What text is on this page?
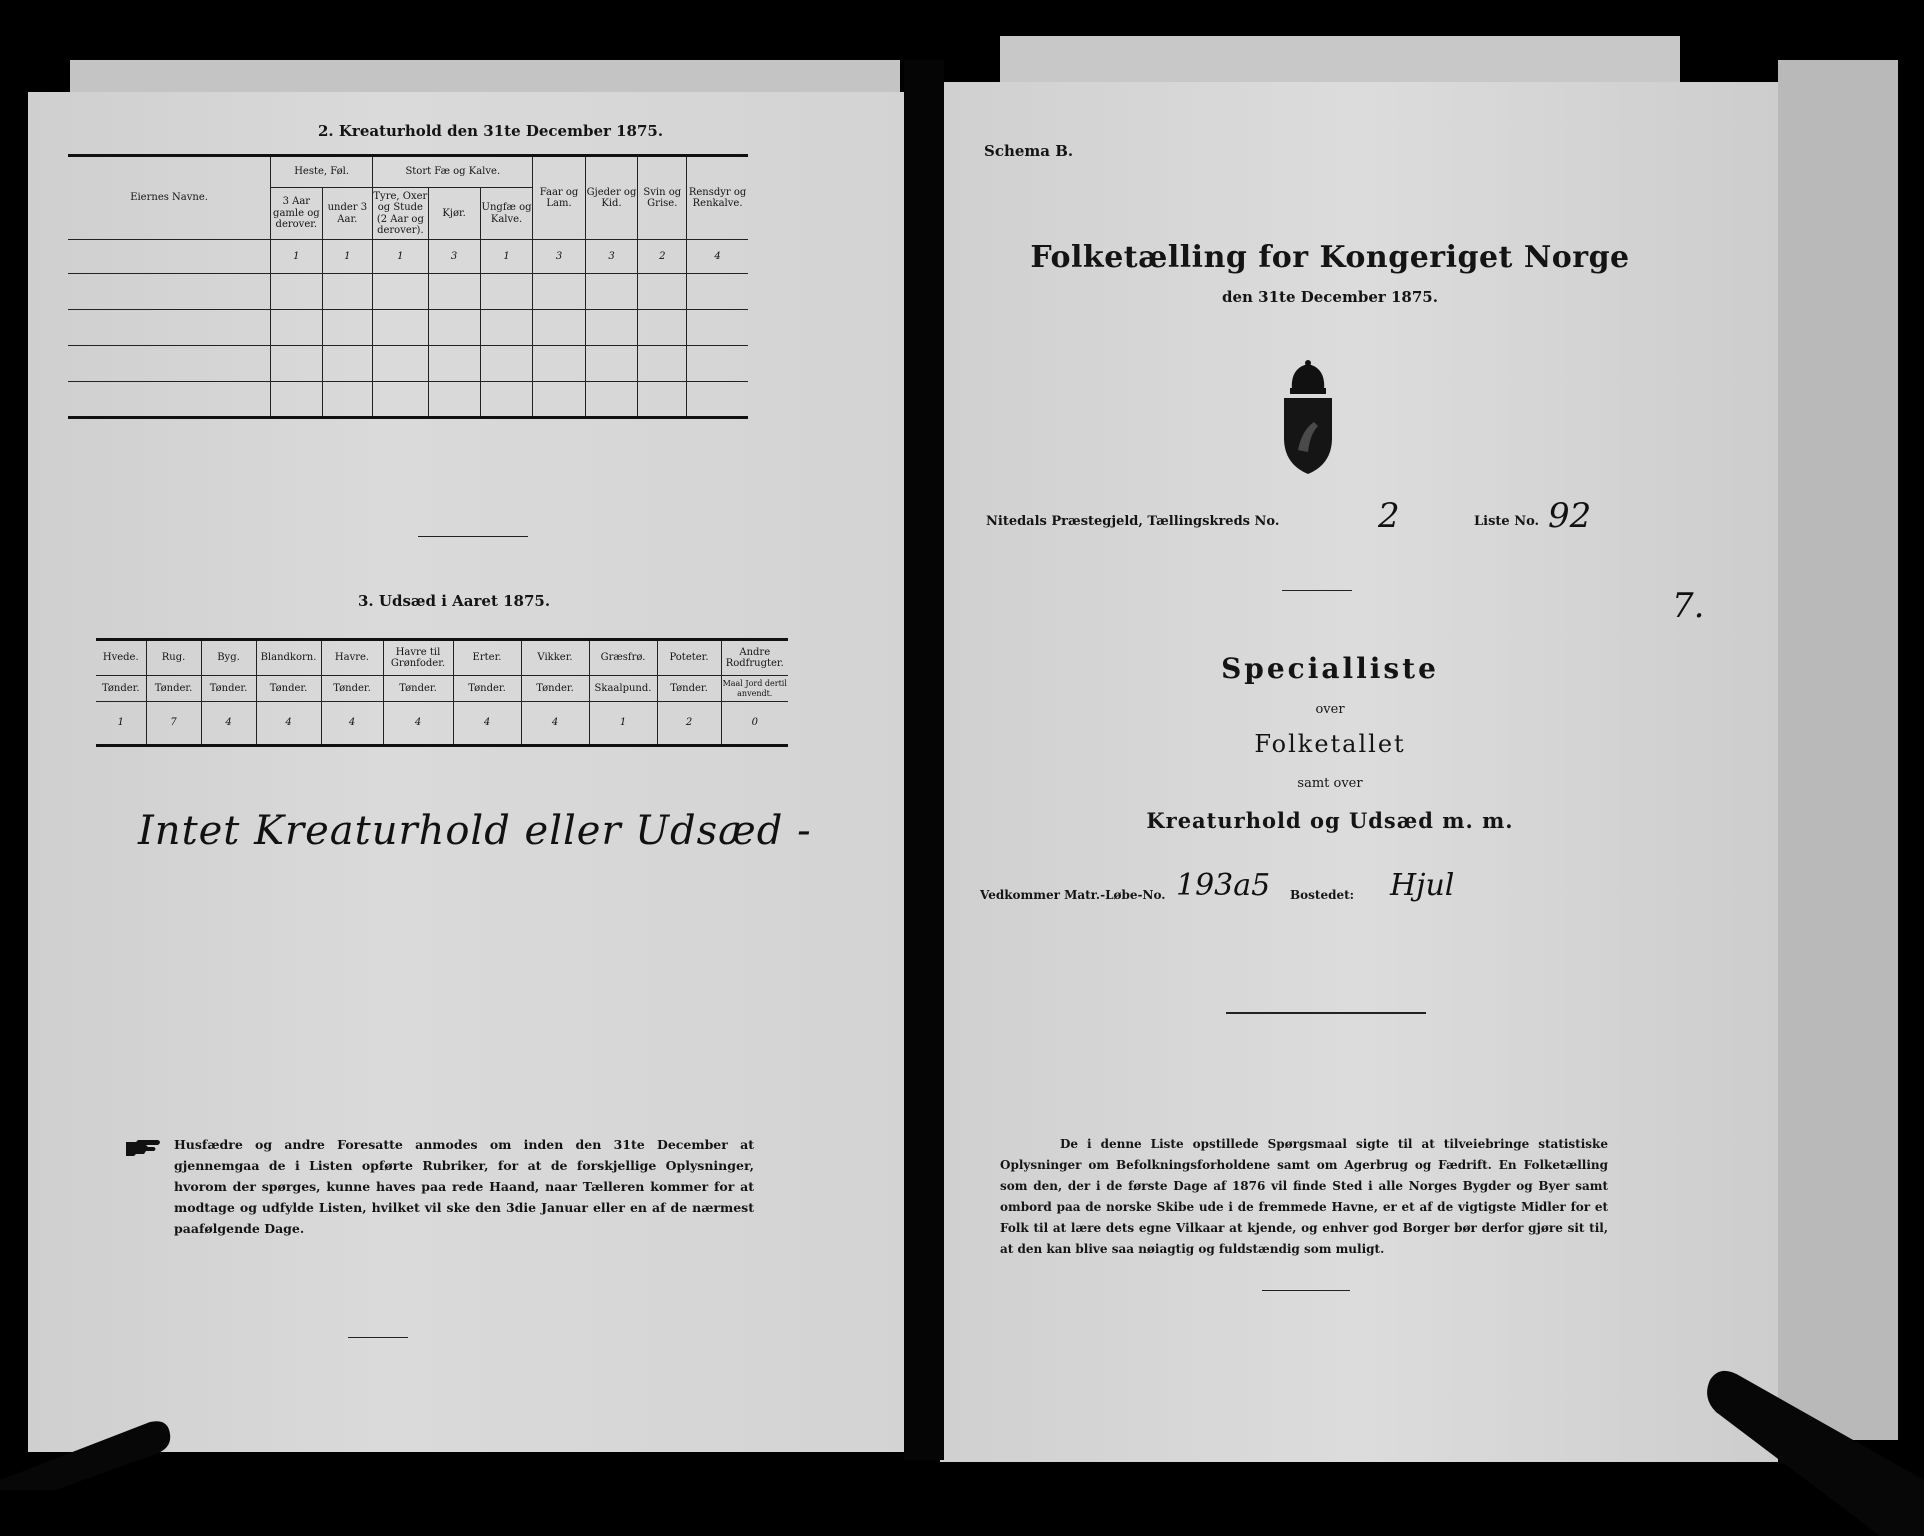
2. Kreaturhold den 31te December 1875.
Eiernes Navne.	Heste, Føl.		Stort Fæ og Kalve.			Faar og Lam.	Gjeder og Kid.	Svin og Grise.	Rensdyr og Renkalve.
	3 Aar gamle og derover.	under 3 Aar.	Tyre, Oxer og Stude (2 Aar og derover).	Kjør.	Ungfæ og Kalve.				
	1	1	1	3	1	3	3	2	4

3. Udsæd i Aaret 1875.
Hvede.	Rug.	Byg.	Blandkorn.	Havre.	Havre til Grønfoder.	Erter.	Vikker.	Græsfrø.	Poteter.	Andre Rodfrugter.
Tønder.	Tønder.	Tønder.	Tønder.	Tønder.	Tønder.	Tønder.	Tønder.	Skaalpund.	Tønder.	Maal Jord dertil anvendt.
1	7	4	4	4	4	4	4	1	2	0
Intet Kreaturhold eller Udsæd -
Husfædre og andre Foresatte anmodes om inden den 31te December at gjennemgaa de i Listen opførte Rubriker, for at de forskjellige Oplysninger, hvorom der spørges, kunne haves paa rede Haand, naar Tælleren kommer for at modtage og udfylde Listen, hvilket vil ske den 3die Januar eller en af de nærmest paafølgende Dage.
Schema B.
Folketælling for Kongeriget Norge
den 31te December 1875.
Nitedals Præstegjeld, Tællingskreds No.	2	Liste No. 92
7.
Specialliste
over
Folketallet
samt over
Kreaturhold og Udsæd m. m.
Vedkommer Matr.-Løbe-No. 193a5 Bostedet: Hjul
De i denne Liste opstillede Spørgsmaal sigte til at tilveiebringe statistiske Oplysninger om Befolkningsforholdene samt om Agerbrug og Fædrift. En Folketælling som den, der i de første Dage af 1876 vil finde Sted i alle Norges Bygder og Byer samt ombord paa de norske Skibe ude i de fremmede Havne, er et af de vigtigste Midler for et Folk til at lære dets egne Vilkaar at kjende, og enhver god Borger bør derfor gjøre sit til, at den kan blive saa nøiagtig og fuldstændig som muligt.
